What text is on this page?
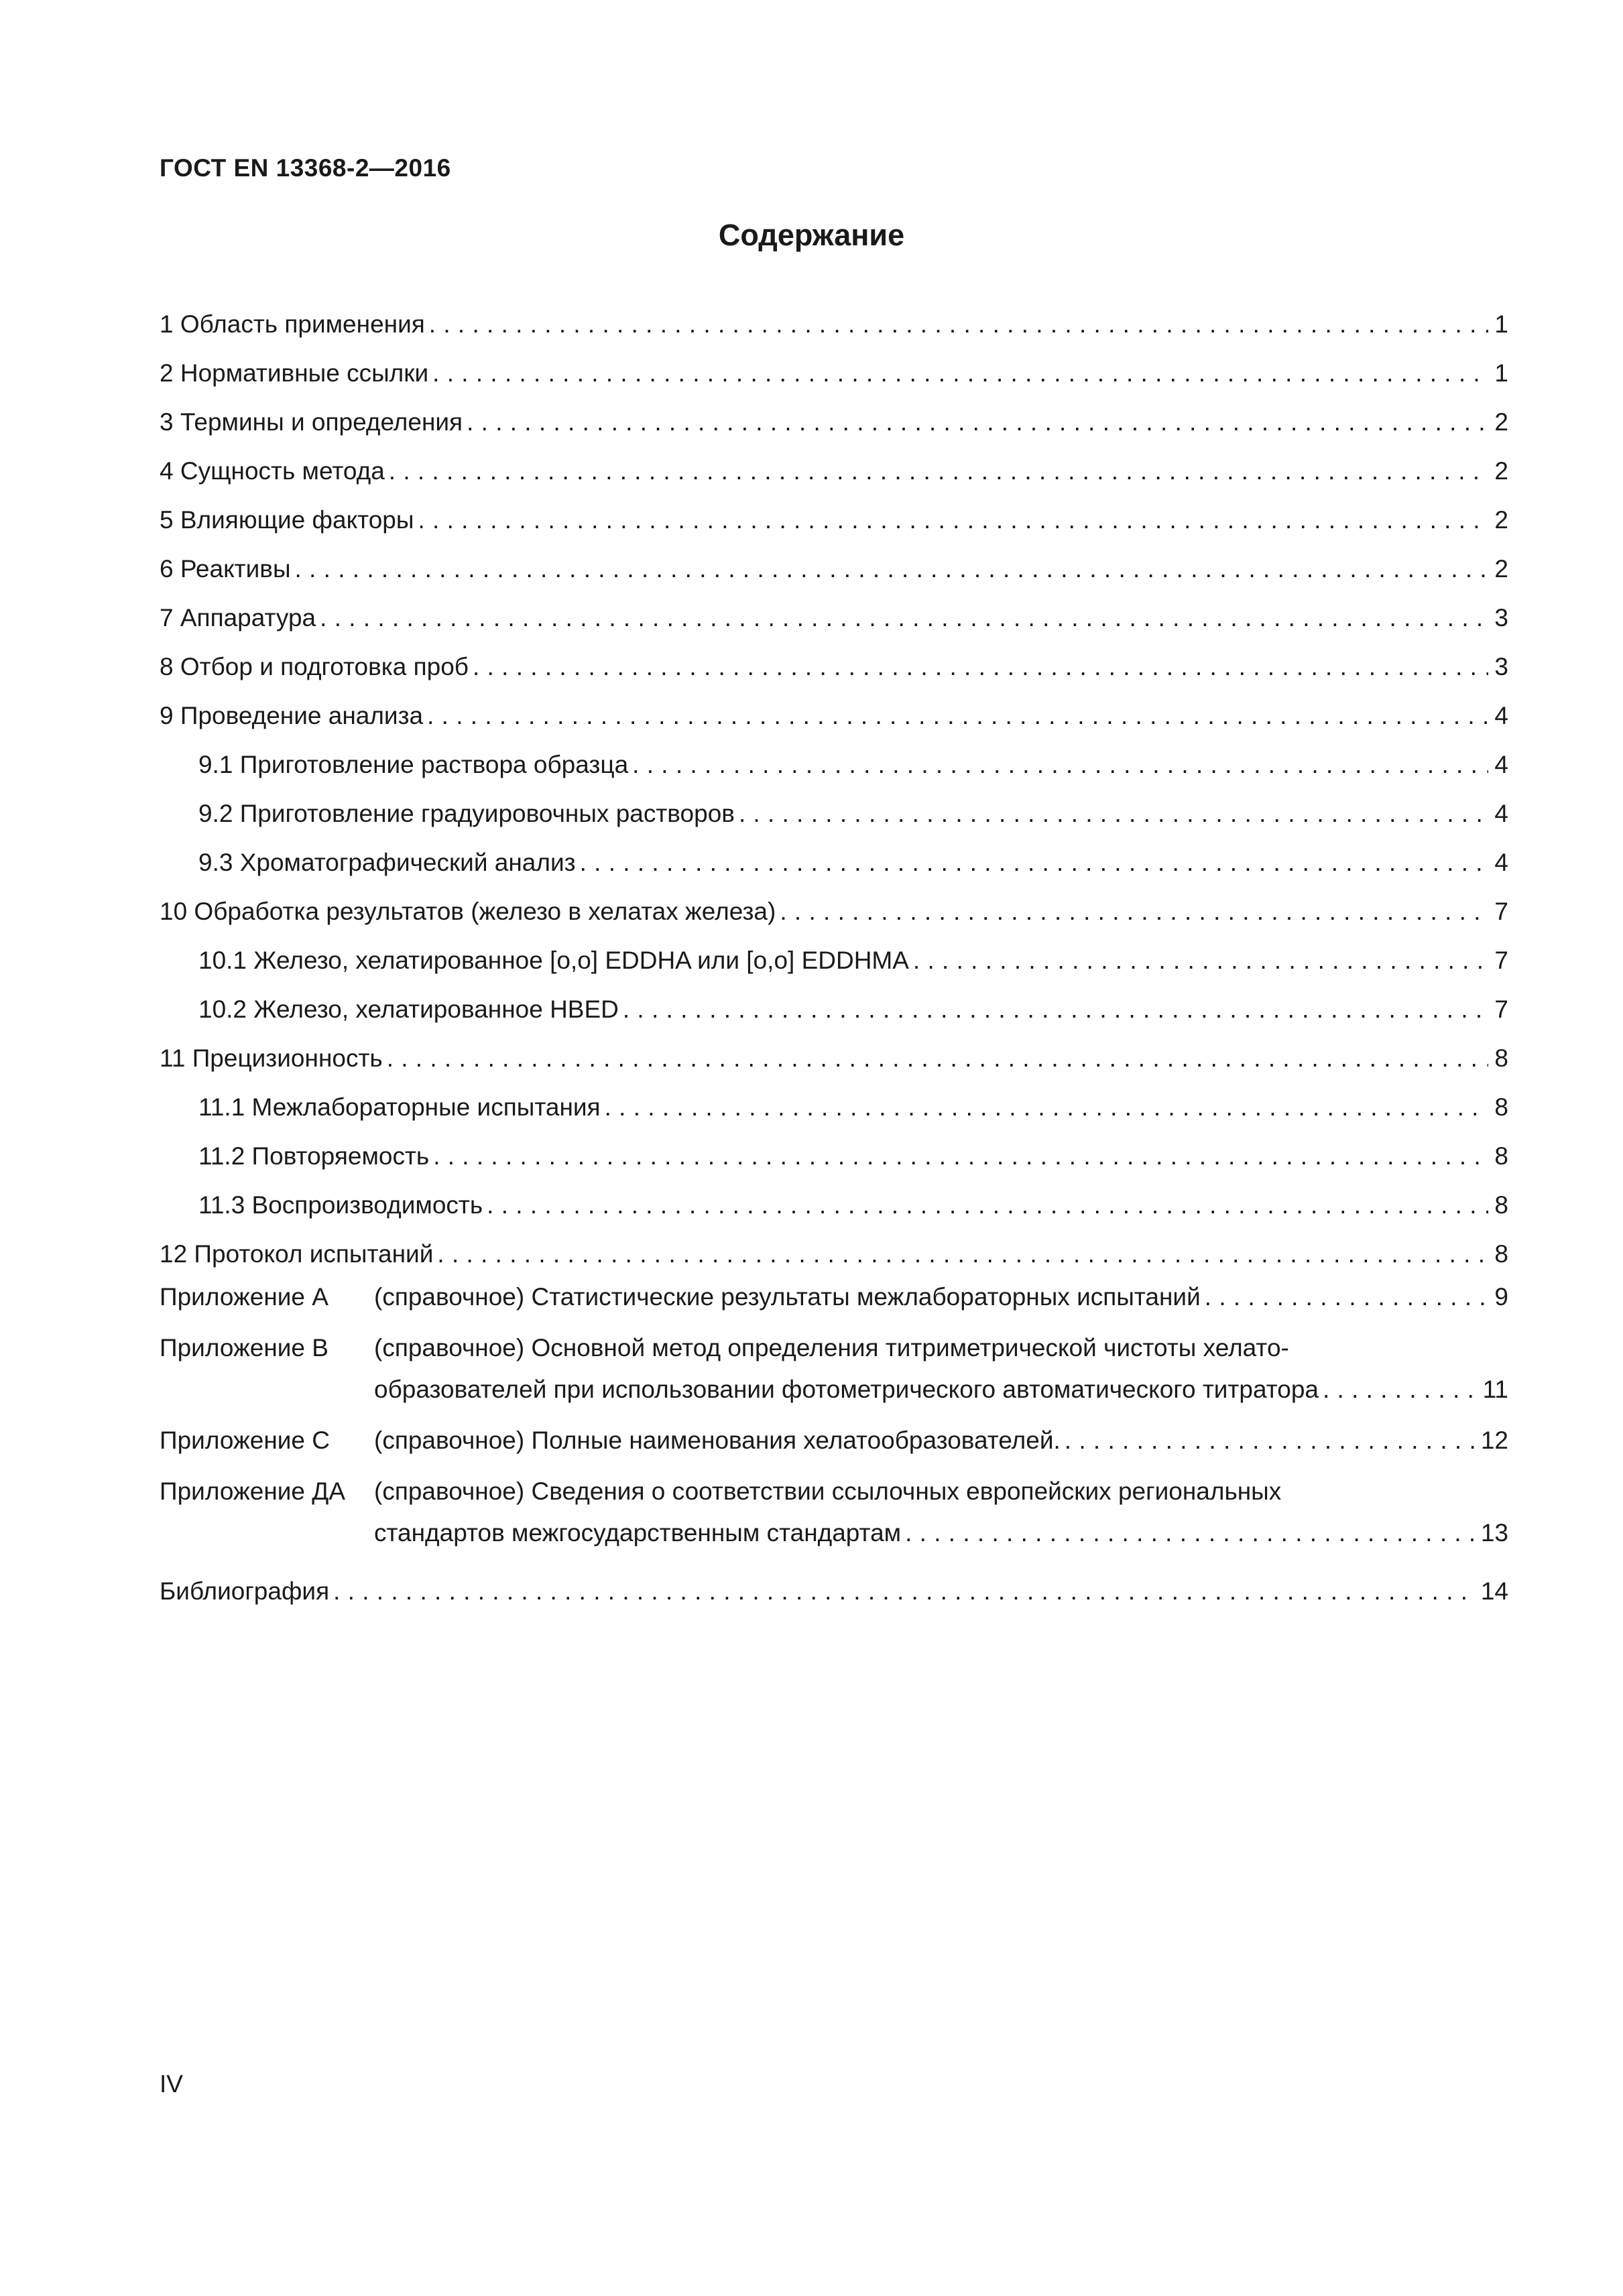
ГОСТ EN 13368-2—2016
Содержание
1 Область применения . . .	1
2 Нормативные ссылки . . .	1
3 Термины и определения . . .	2
4 Сущность метода . . .	2
5 Влияющие факторы . . .	2
6 Реактивы . . .	2
7 Аппаратура . . .	3
8 Отбор и подготовка проб . . .	3
9 Проведение анализа . . .	4
9.1 Приготовление раствора образца . . .	4
9.2 Приготовление градуировочных растворов . . .	4
9.3 Хроматографический анализ . . .	4
10 Обработка результатов (железо в хелатах железа) . . .	7
10.1 Железо, хелатированное [o,o] EDDHA или [o,o] EDDHMA . . .	7
10.2 Железо, хелатированное HBED . . .	7
11 Прецизионность . . .	8
11.1 Межлабораторные испытания . . .	8
11.2 Повторяемость . . .	8
11.3 Воспроизводимость . . .	8
12 Протокол испытаний . . .	8
Приложение А (справочное) Статистические результаты межлабораторных испытаний . . .	9
Приложение В (справочное) Основной метод определения титриметрической чистоты хелато-
образователей при использовании фотометрического автоматического титратора . . .	11
Приложение С (справочное) Полные наименования хелатообразователей. . . .	12
Приложение ДА (справочное) Сведения о соответствии ссылочных европейских региональных
стандартов межгосударственным стандартам . . .	13
Библиография . . .	14
IV
